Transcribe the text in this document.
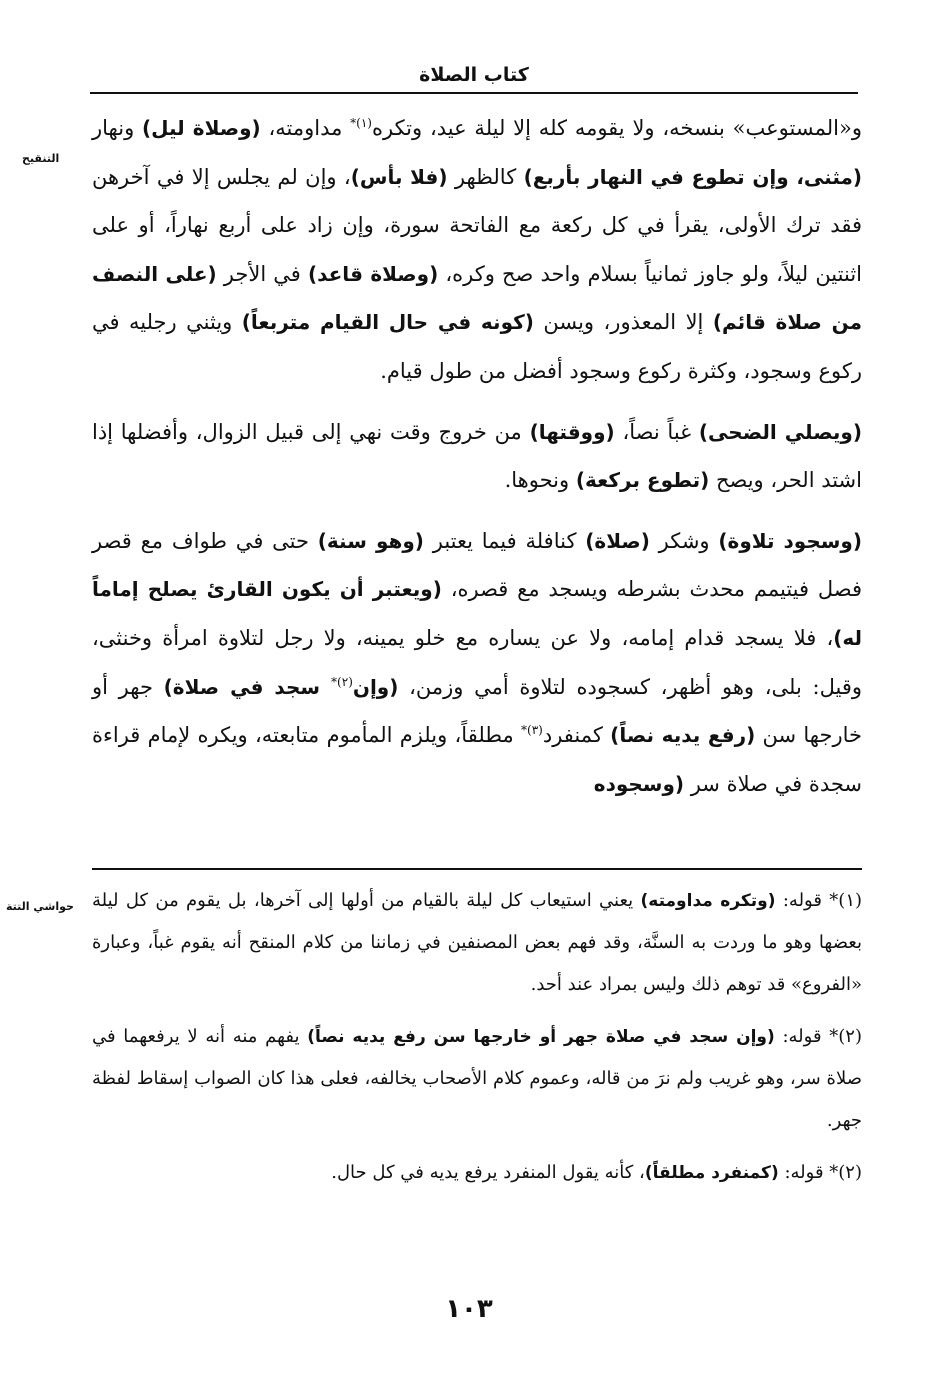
كتاب الصلاة
التنقيح
حواشي التتة

و«المستوعب» بنسخه، ولا يقومه كله إلا ليلة عيد، وتكره$^{(١)*}$ مداومته، (وصلاة ليل) ونهار (مثنى، وإن تطوع في النهار بأربع) كالظهر (فلا بأس)، وإن لم يجلس إلا في آخرهن فقد ترك الأولى، يقرأ في كل ركعة مع الفاتحة سورة، وإن زاد على أربع نهاراً، أو على اثنتين ليلاً، ولو جاوز ثمانياً بسلام واحد صح وكره، (وصلاة قاعد) في الأجر (على النصف من صلاة قائم) إلا المعذور، ويسن (كونه في حال القيام متربعاً) ويثني رجليه في ركوع وسجود، وكثرة ركوع وسجود أفضل من طول قيام.

(ويصلي الضحى) غباً نصاً، (ووقتها) من خروج وقت نهي إلى قبيل الزوال، وأفضلها إذا اشتد الحر، ويصح (تطوع بركعة) ونحوها.

(وسجود تلاوة) وشكر (صلاة) كنافلة فيما يعتبر (وهو سنة) حتى في طواف مع قصر فصل فيتيمم محدث بشرطه ويسجد مع قصره، (ويعتبر أن يكون القارئ يصلح إماماً له)، فلا يسجد قدام إمامه، ولا عن يساره مع خلو يمينه، ولا رجل لتلاوة امرأة وخنثى، وقيل: بلى، وهو أظهر، كسجوده لتلاوة أمي وزمن، (وإن$^{(٢)*}$ سجد في صلاة) جهر أو خارجها سن (رفع يديه نصاً) كمنفرد$^{(٣)*}$ مطلقاً، ويلزم المأموم متابعته، ويكره لإمام قراءة سجدة في صلاة سر (وسجوده

(١)* قوله: (وتكره مداومته) يعني استيعاب كل ليلة بالقيام من أولها إلى آخرها، بل يقوم من كل ليلة بعضها وهو ما وردت به السنَّة، وقد فهم بعض المصنفين في زماننا من كلام المنقح أنه يقوم غباً، وعبارة «الفروع» قد توهم ذلك وليس بمراد عند أحد.

(٢)* قوله: (وإن سجد في صلاة جهر أو خارجها سن رفع يديه نصاً) يفهم منه أنه لا يرفعهما في صلاة سر، وهو غريب ولم نرَ من قاله، وعموم كلام الأصحاب يخالفه، فعلى هذا كان الصواب إسقاط لفظة جهر.

(٢)* قوله: (كمنفرد مطلقاً)، كأنه يقول المنفرد يرفع يديه في كل حال.

١٠٣
